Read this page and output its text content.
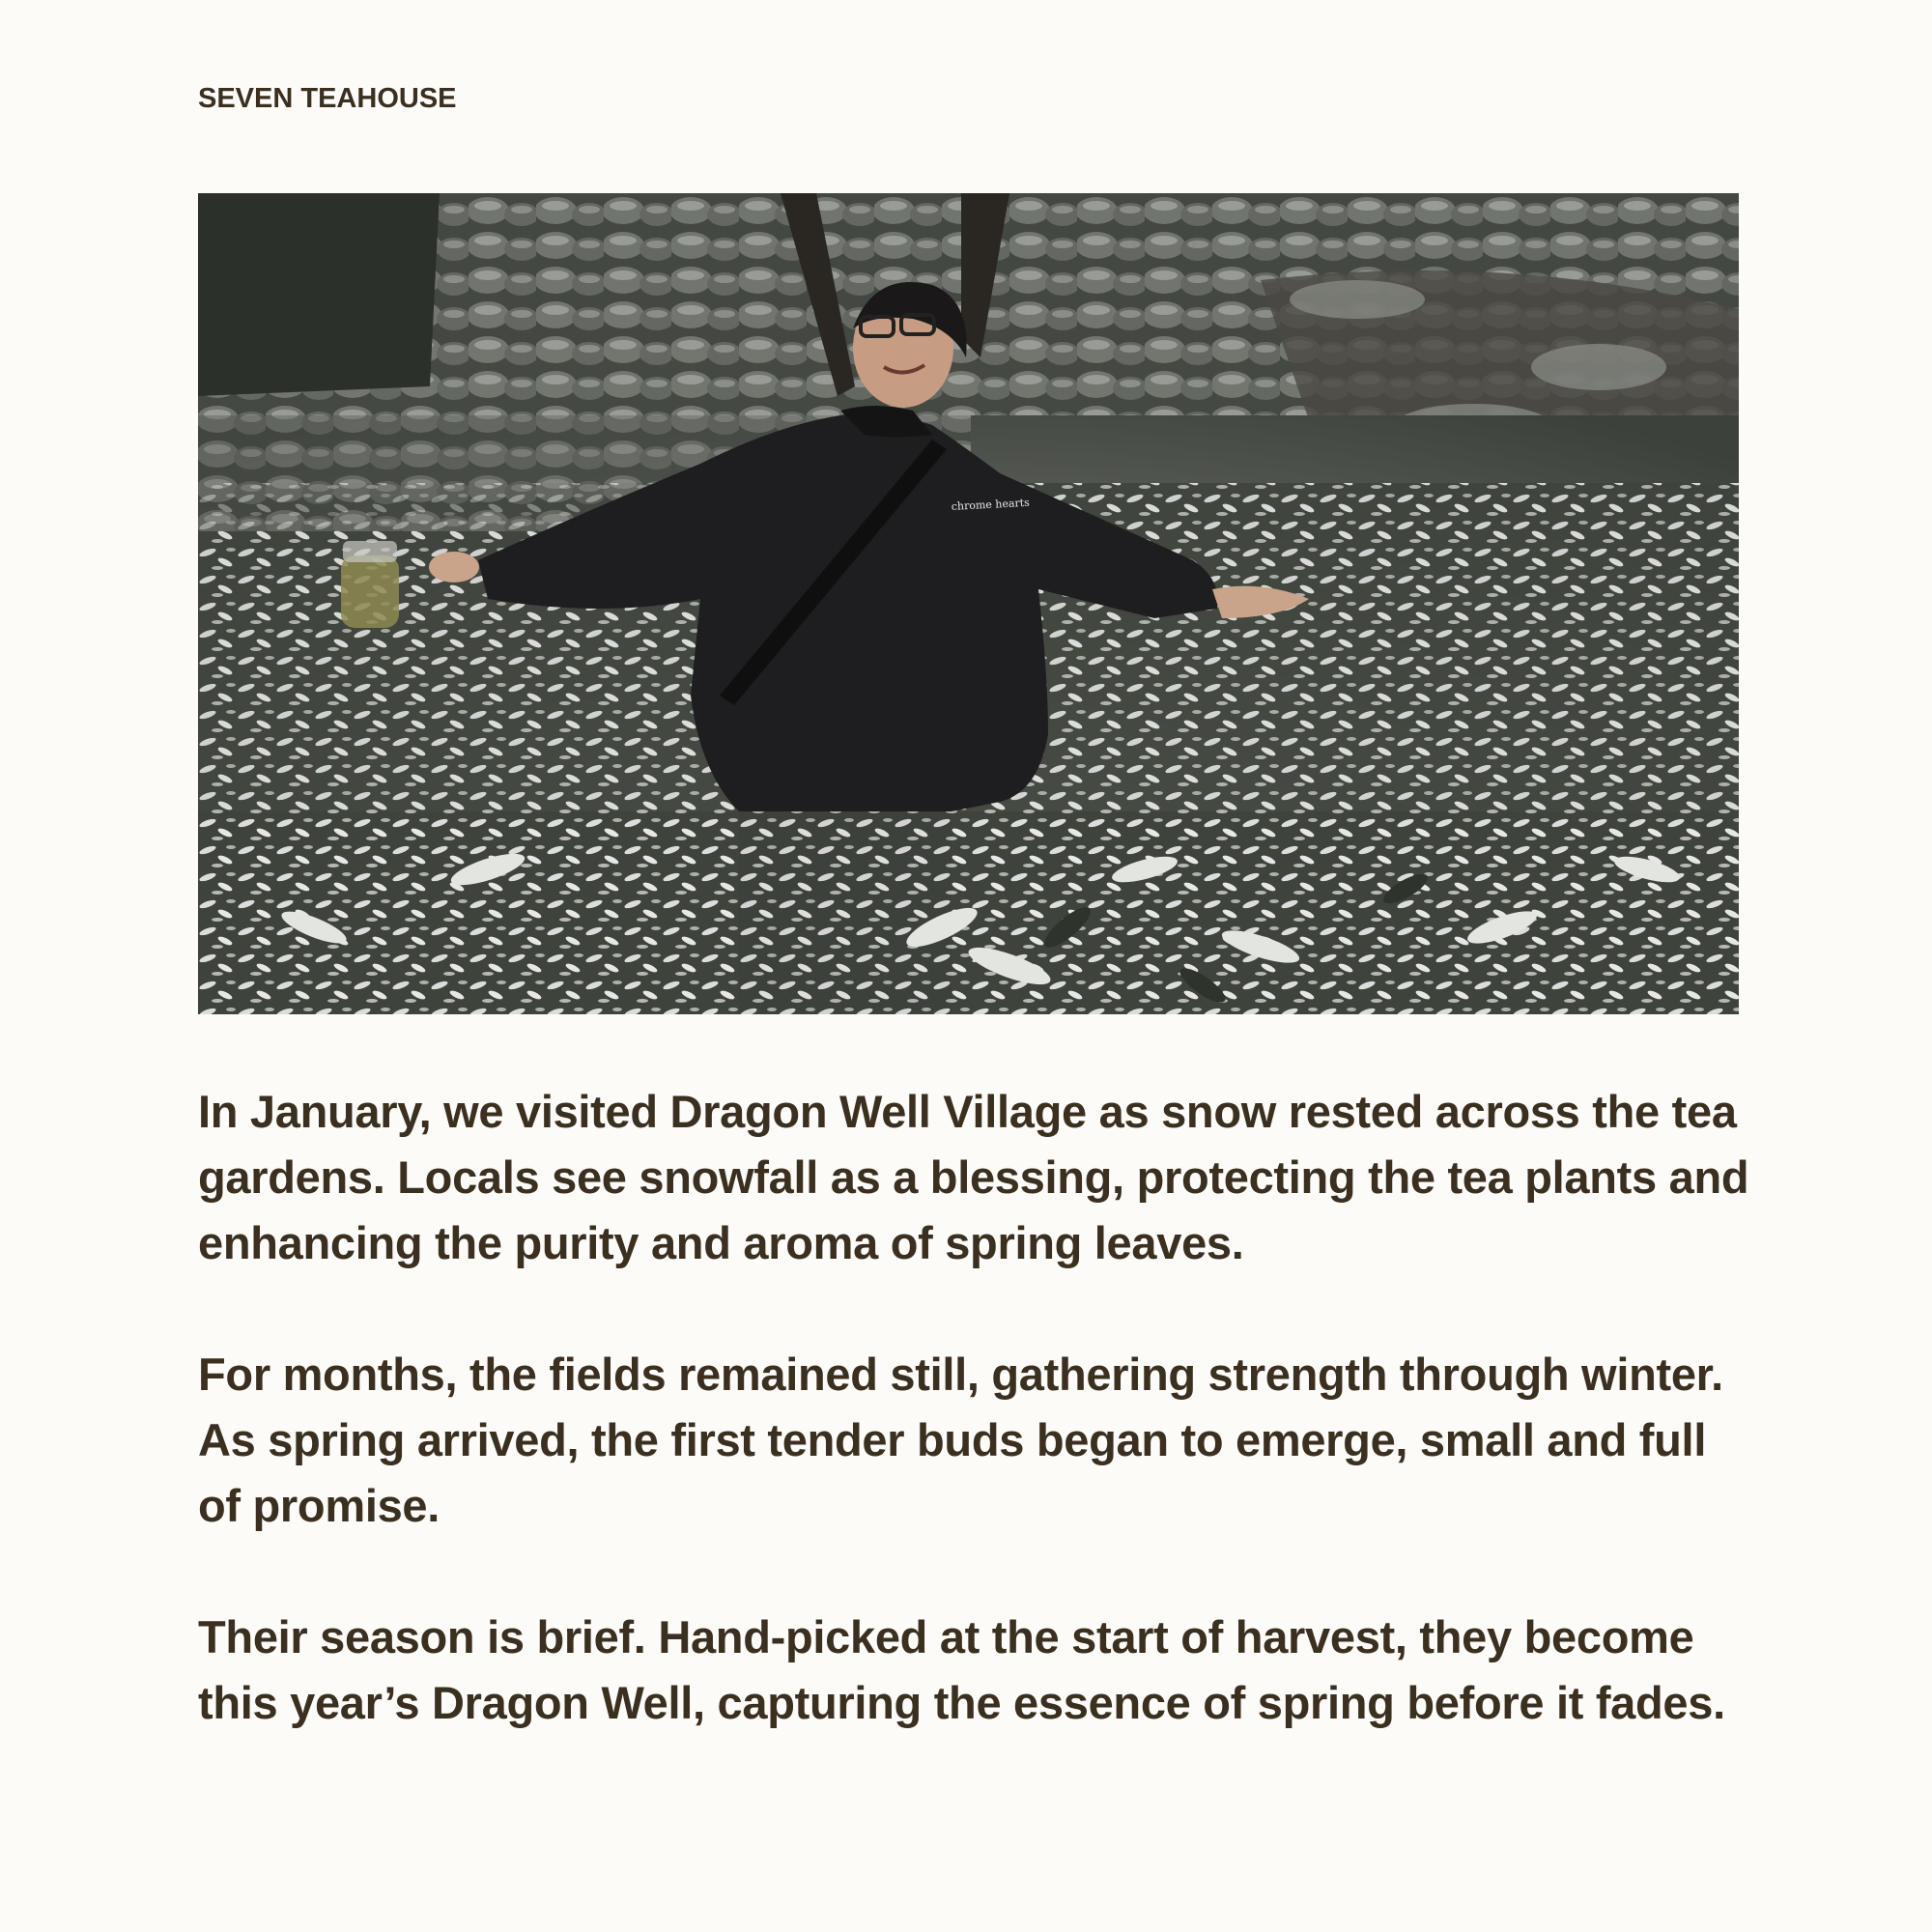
SEVEN TEAHOUSE
chrome hearts

In January, we visited Dragon Well Village as snow rested across the tea gardens. Locals see snowfall as a blessing, protecting the tea plants and enhancing the purity and aroma of spring leaves.

For months, the fields remained still, gathering strength through winter. As spring arrived, the first tender buds began to emerge, small and full of promise.

Their season is brief. Hand-picked at the start of harvest, they become this year’s Dragon Well, capturing the essence of spring before it fades.
